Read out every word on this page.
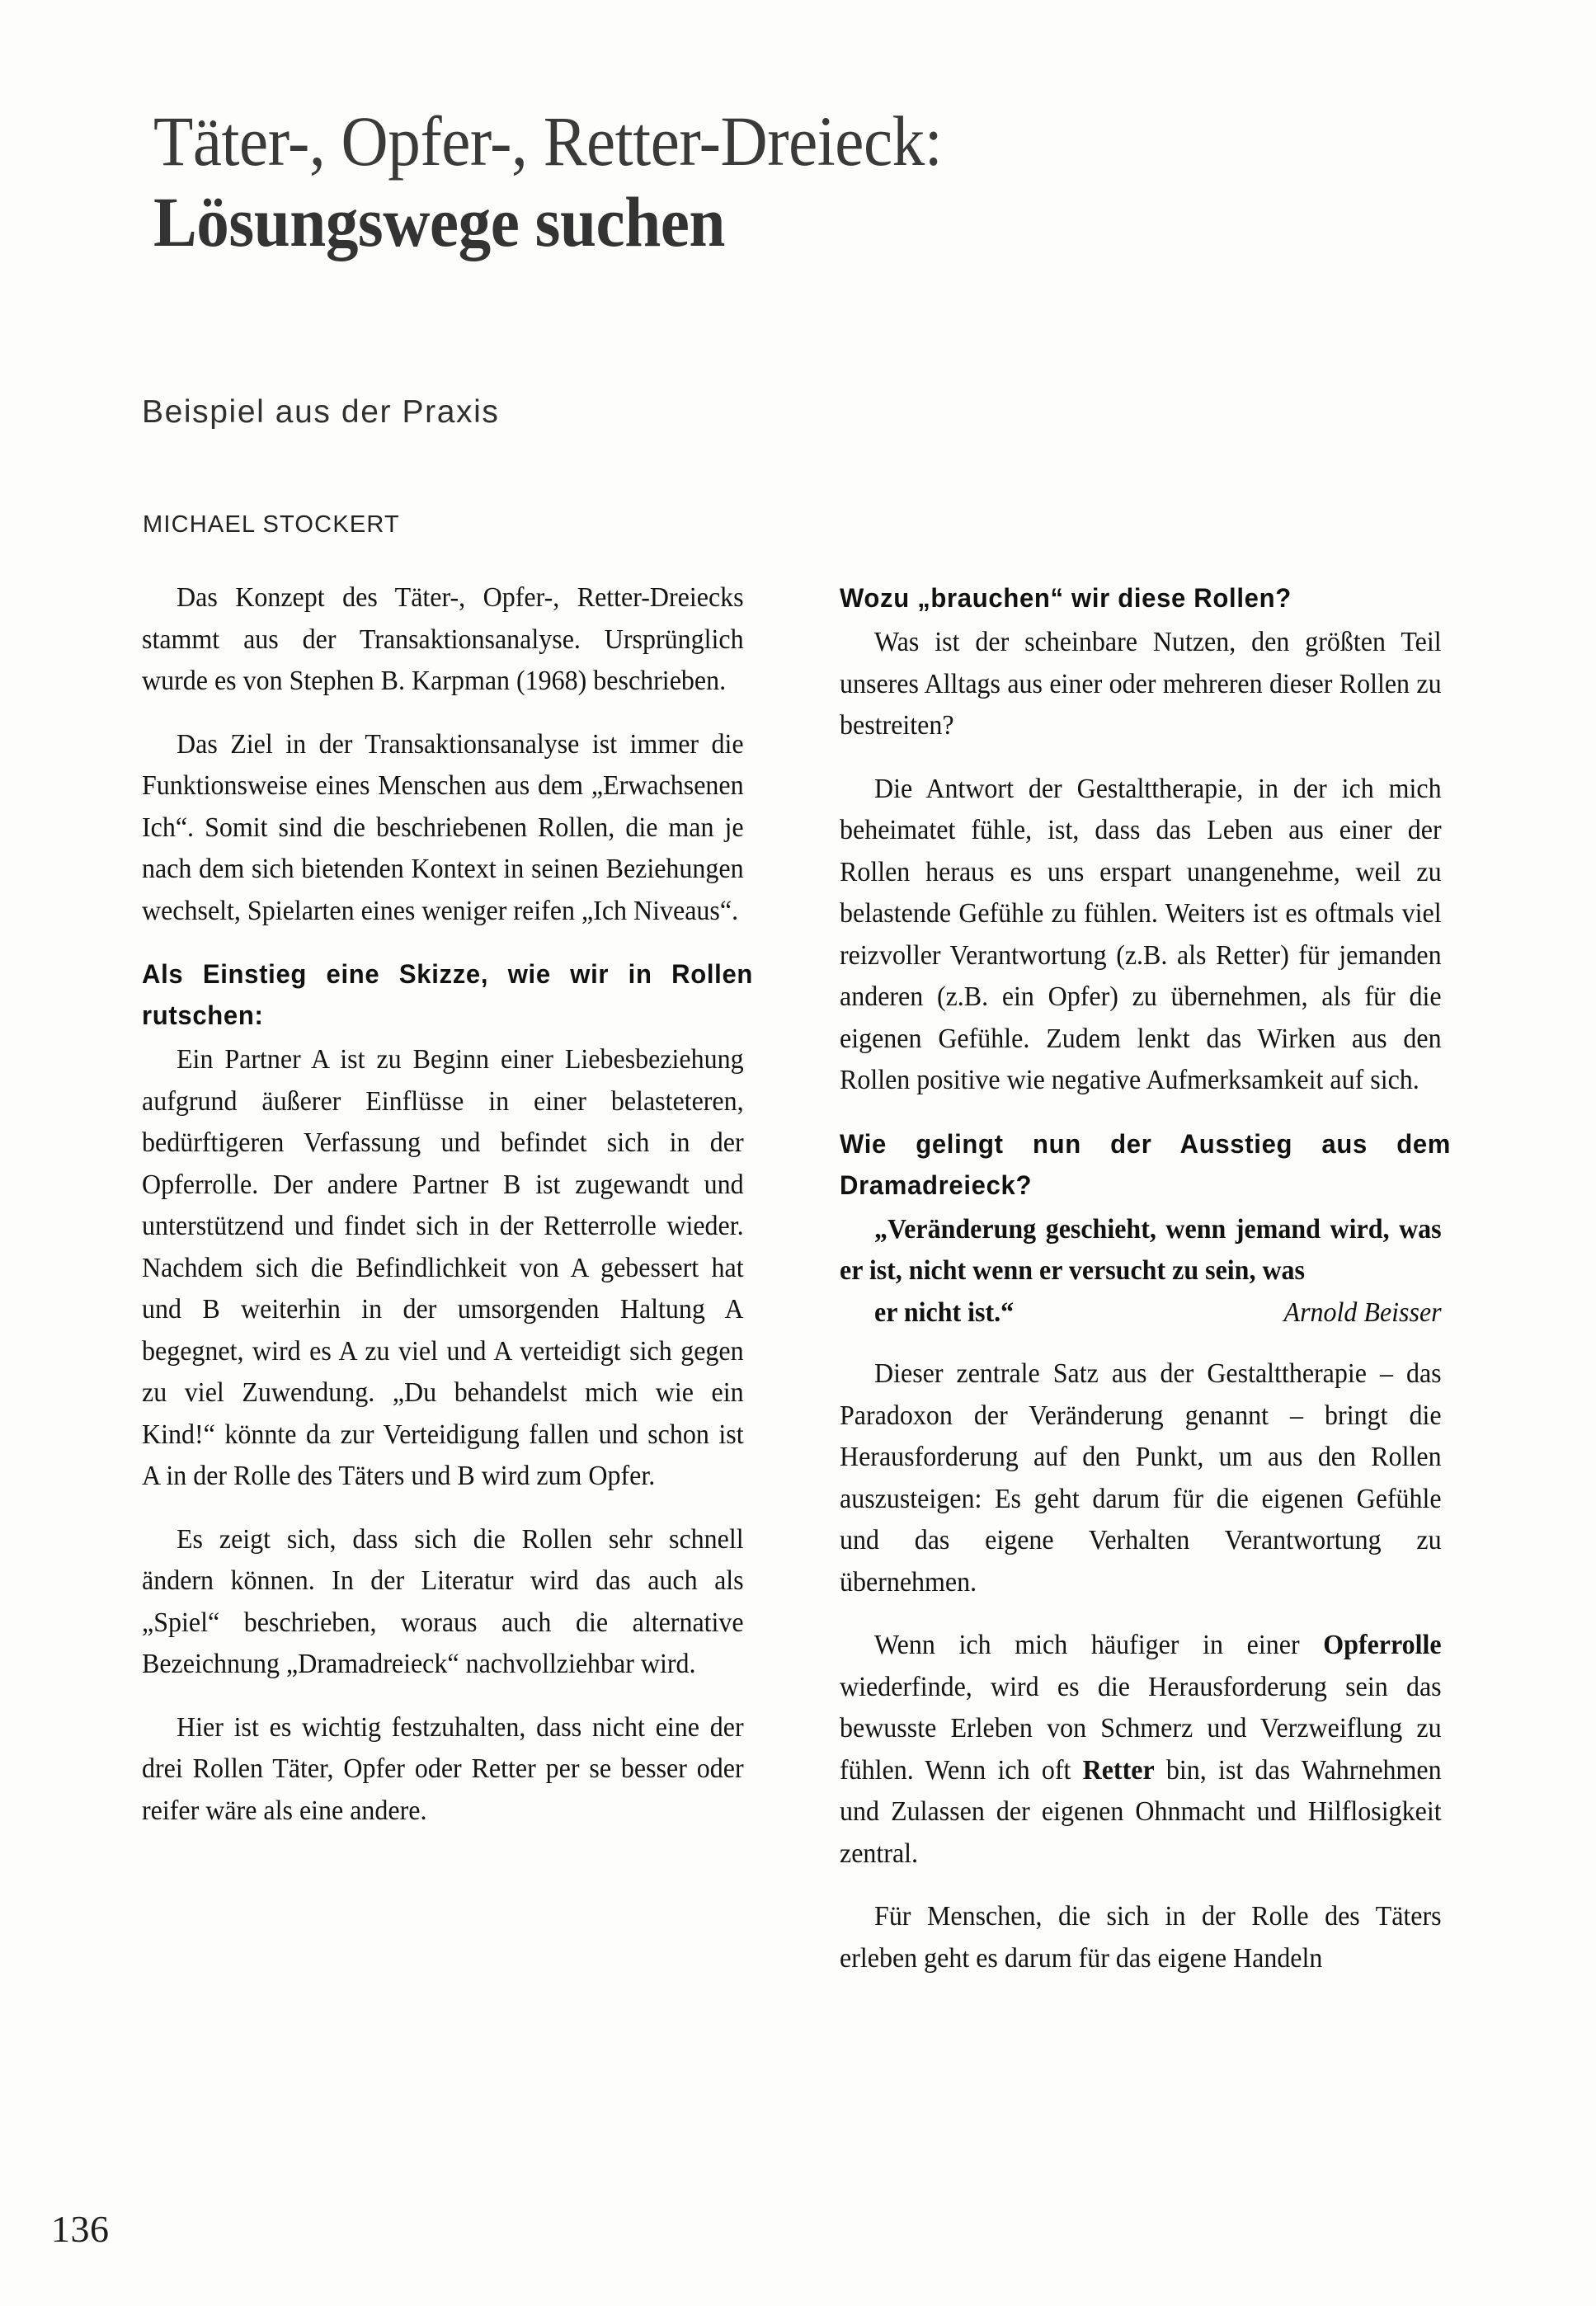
Täter-, Opfer-, Retter-Dreieck:
Lösungswege suchen
Beispiel aus der Praxis
MICHAEL STOCKERT

Das Konzept des Täter-, Opfer-, Retter-Dreiecks stammt aus der Transaktionsanalyse. Ursprünglich wurde es von Stephen B. Karpman (1968) beschrieben.

Das Ziel in der Transaktionsanalyse ist immer die Funktionsweise eines Menschen aus dem „Erwachsenen Ich“. Somit sind die beschriebenen Rollen, die man je nach dem sich bietenden Kontext in seinen Beziehungen wechselt, Spielarten eines weniger reifen „Ich Niveaus“.

Als Einstieg eine Skizze, wie wir in Rollen rutschen:

Ein Partner A ist zu Beginn einer Liebesbeziehung aufgrund äußerer Einflüsse in einer belasteteren, bedürftigeren Verfassung und befindet sich in der Opferrolle. Der andere Partner B ist zugewandt und unterstützend und findet sich in der Retterrolle wieder. Nachdem sich die Befindlichkeit von A gebessert hat und B weiterhin in der umsorgenden Haltung A begegnet, wird es A zu viel und A verteidigt sich gegen zu viel Zuwendung. „Du behandelst mich wie ein Kind!“ könnte da zur Verteidigung fallen und schon ist A in der Rolle des Täters und B wird zum Opfer.

Es zeigt sich, dass sich die Rollen sehr schnell ändern können. In der Literatur wird das auch als „Spiel“ beschrieben, woraus auch die alternative Bezeichnung „Dramadreieck“ nachvollziehbar wird.

Hier ist es wichtig festzuhalten, dass nicht eine der drei Rollen Täter, Opfer oder Retter per se besser oder reifer wäre als eine andere.

Wozu „brauchen“ wir diese Rollen?

Was ist der scheinbare Nutzen, den größten Teil unseres Alltags aus einer oder mehreren dieser Rollen zu bestreiten?

Die Antwort der Gestalttherapie, in der ich mich beheimatet fühle, ist, dass das Leben aus einer der Rollen heraus es uns erspart unangenehme, weil zu belastende Gefühle zu fühlen. Weiters ist es oftmals viel reizvoller Verantwortung (z.B. als Retter) für jemanden anderen (z.B. ein Opfer) zu übernehmen, als für die eigenen Gefühle. Zudem lenkt das Wirken aus den Rollen positive wie negative Aufmerksamkeit auf sich.

Wie gelingt nun der Ausstieg aus dem Dramadreieck?

„Veränderung geschieht, wenn jemand wird, was er ist, nicht wenn er versucht zu sein, was
Arnold Beisser
er nicht ist.“

Dieser zentrale Satz aus der Gestalttherapie – das Paradoxon der Veränderung genannt – bringt die Herausforderung auf den Punkt, um aus den Rollen auszusteigen: Es geht darum für die eigenen Gefühle und das eigene Verhalten Verantwortung zu übernehmen.

Wenn ich mich häufiger in einer Opferrolle wiederfinde, wird es die Herausforderung sein das bewusste Erleben von Schmerz und Verzweiflung zu fühlen. Wenn ich oft Retter bin, ist das Wahrnehmen und Zulassen der eigenen Ohnmacht und Hilflosigkeit zentral.

Für Menschen, die sich in der Rolle des Täters erleben geht es darum für das eigene Handeln

136
